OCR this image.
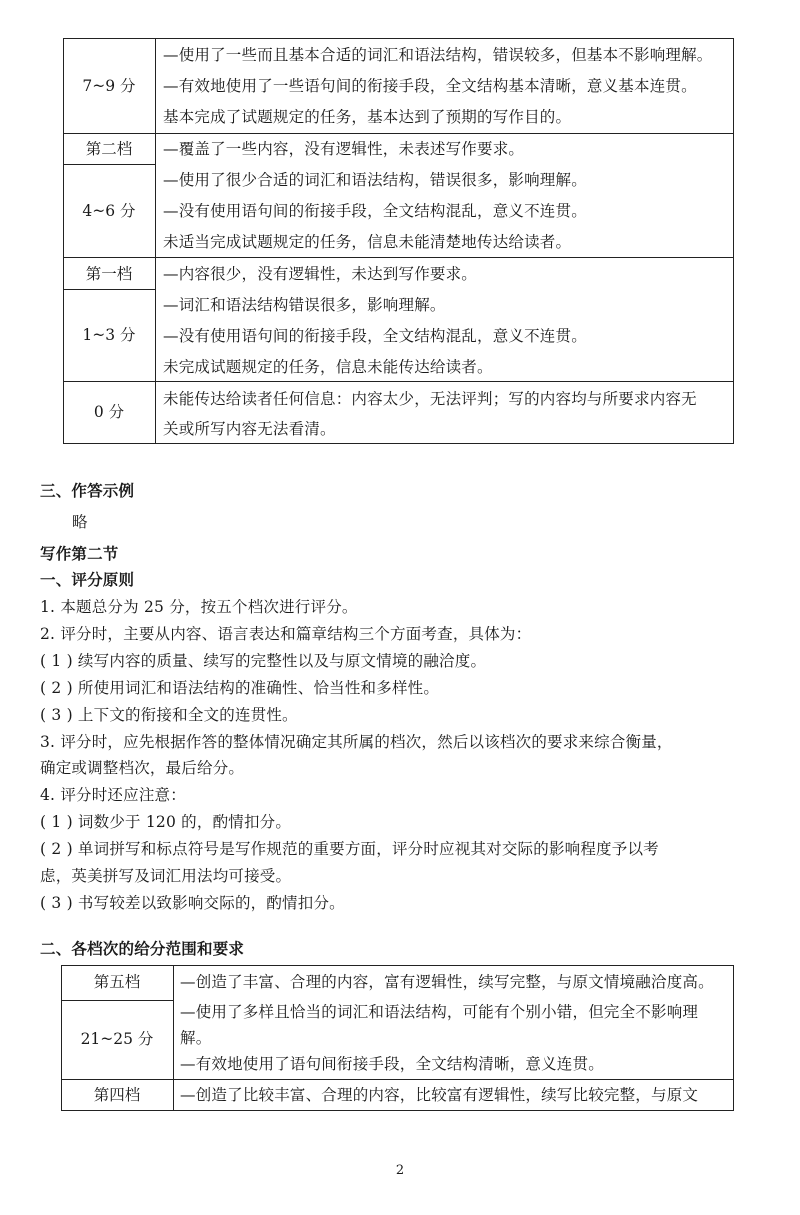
7~9 分
—使用了一些而且基本合适的词汇和语法结构，错误较多，但基本不影响理解。
—有效地使用了一些语句间的衔接手段，全文结构基本清晰，意义基本连贯。
基本完成了试题规定的任务，基本达到了预期的写作目的。
第二档
4~6 分
—覆盖了一些内容，没有逻辑性，未表述写作要求。
—使用了很少合适的词汇和语法结构，错误很多，影响理解。
—没有使用语句间的衔接手段，全文结构混乱，意义不连贯。
未适当完成试题规定的任务，信息未能清楚地传达给读者。
第一档
1~3 分
—内容很少，没有逻辑性，未达到写作要求。
—词汇和语法结构错误很多，影响理解。
—没有使用语句间的衔接手段，全文结构混乱，意义不连贯。
未完成试题规定的任务，信息未能传达给读者。
0 分
未能传达给读者任何信息：内容太少，无法评判；写的内容均与所要求内容无
关或所写内容无法看清。
三、作答示例
略
写作第二节
一、评分原则
1. 本题总分为 25 分，按五个档次进行评分。
2. 评分时，主要从内容、语言表达和篇章结构三个方面考查，具体为：
( 1 ) 续写内容的质量、续写的完整性以及与原文情境的融洽度。
( 2 ) 所使用词汇和语法结构的准确性、恰当性和多样性。
( 3 ) 上下文的衔接和全文的连贯性。
3. 评分时，应先根据作答的整体情况确定其所属的档次，然后以该档次的要求来综合衡量，
确定或调整档次，最后给分。
4. 评分时还应注意：
( 1 ) 词数少于 120 的，酌情扣分。
( 2 ) 单词拼写和标点符号是写作规范的重要方面，评分时应视其对交际的影响程度予以考
虑，英美拼写及词汇用法均可接受。
( 3 ) 书写较差以致影响交际的，酌情扣分。
二、各档次的给分范围和要求
第五档
21~25 分
—创造了丰富、合理的内容，富有逻辑性，续写完整，与原文情境融洽度高。
—使用了多样且恰当的词汇和语法结构，可能有个别小错，但完全不影响理
解。
—有效地使用了语句间衔接手段，全文结构清晰，意义连贯。
第四档	—创造了比较丰富、合理的内容，比较富有逻辑性，续写比较完整，与原文
2
